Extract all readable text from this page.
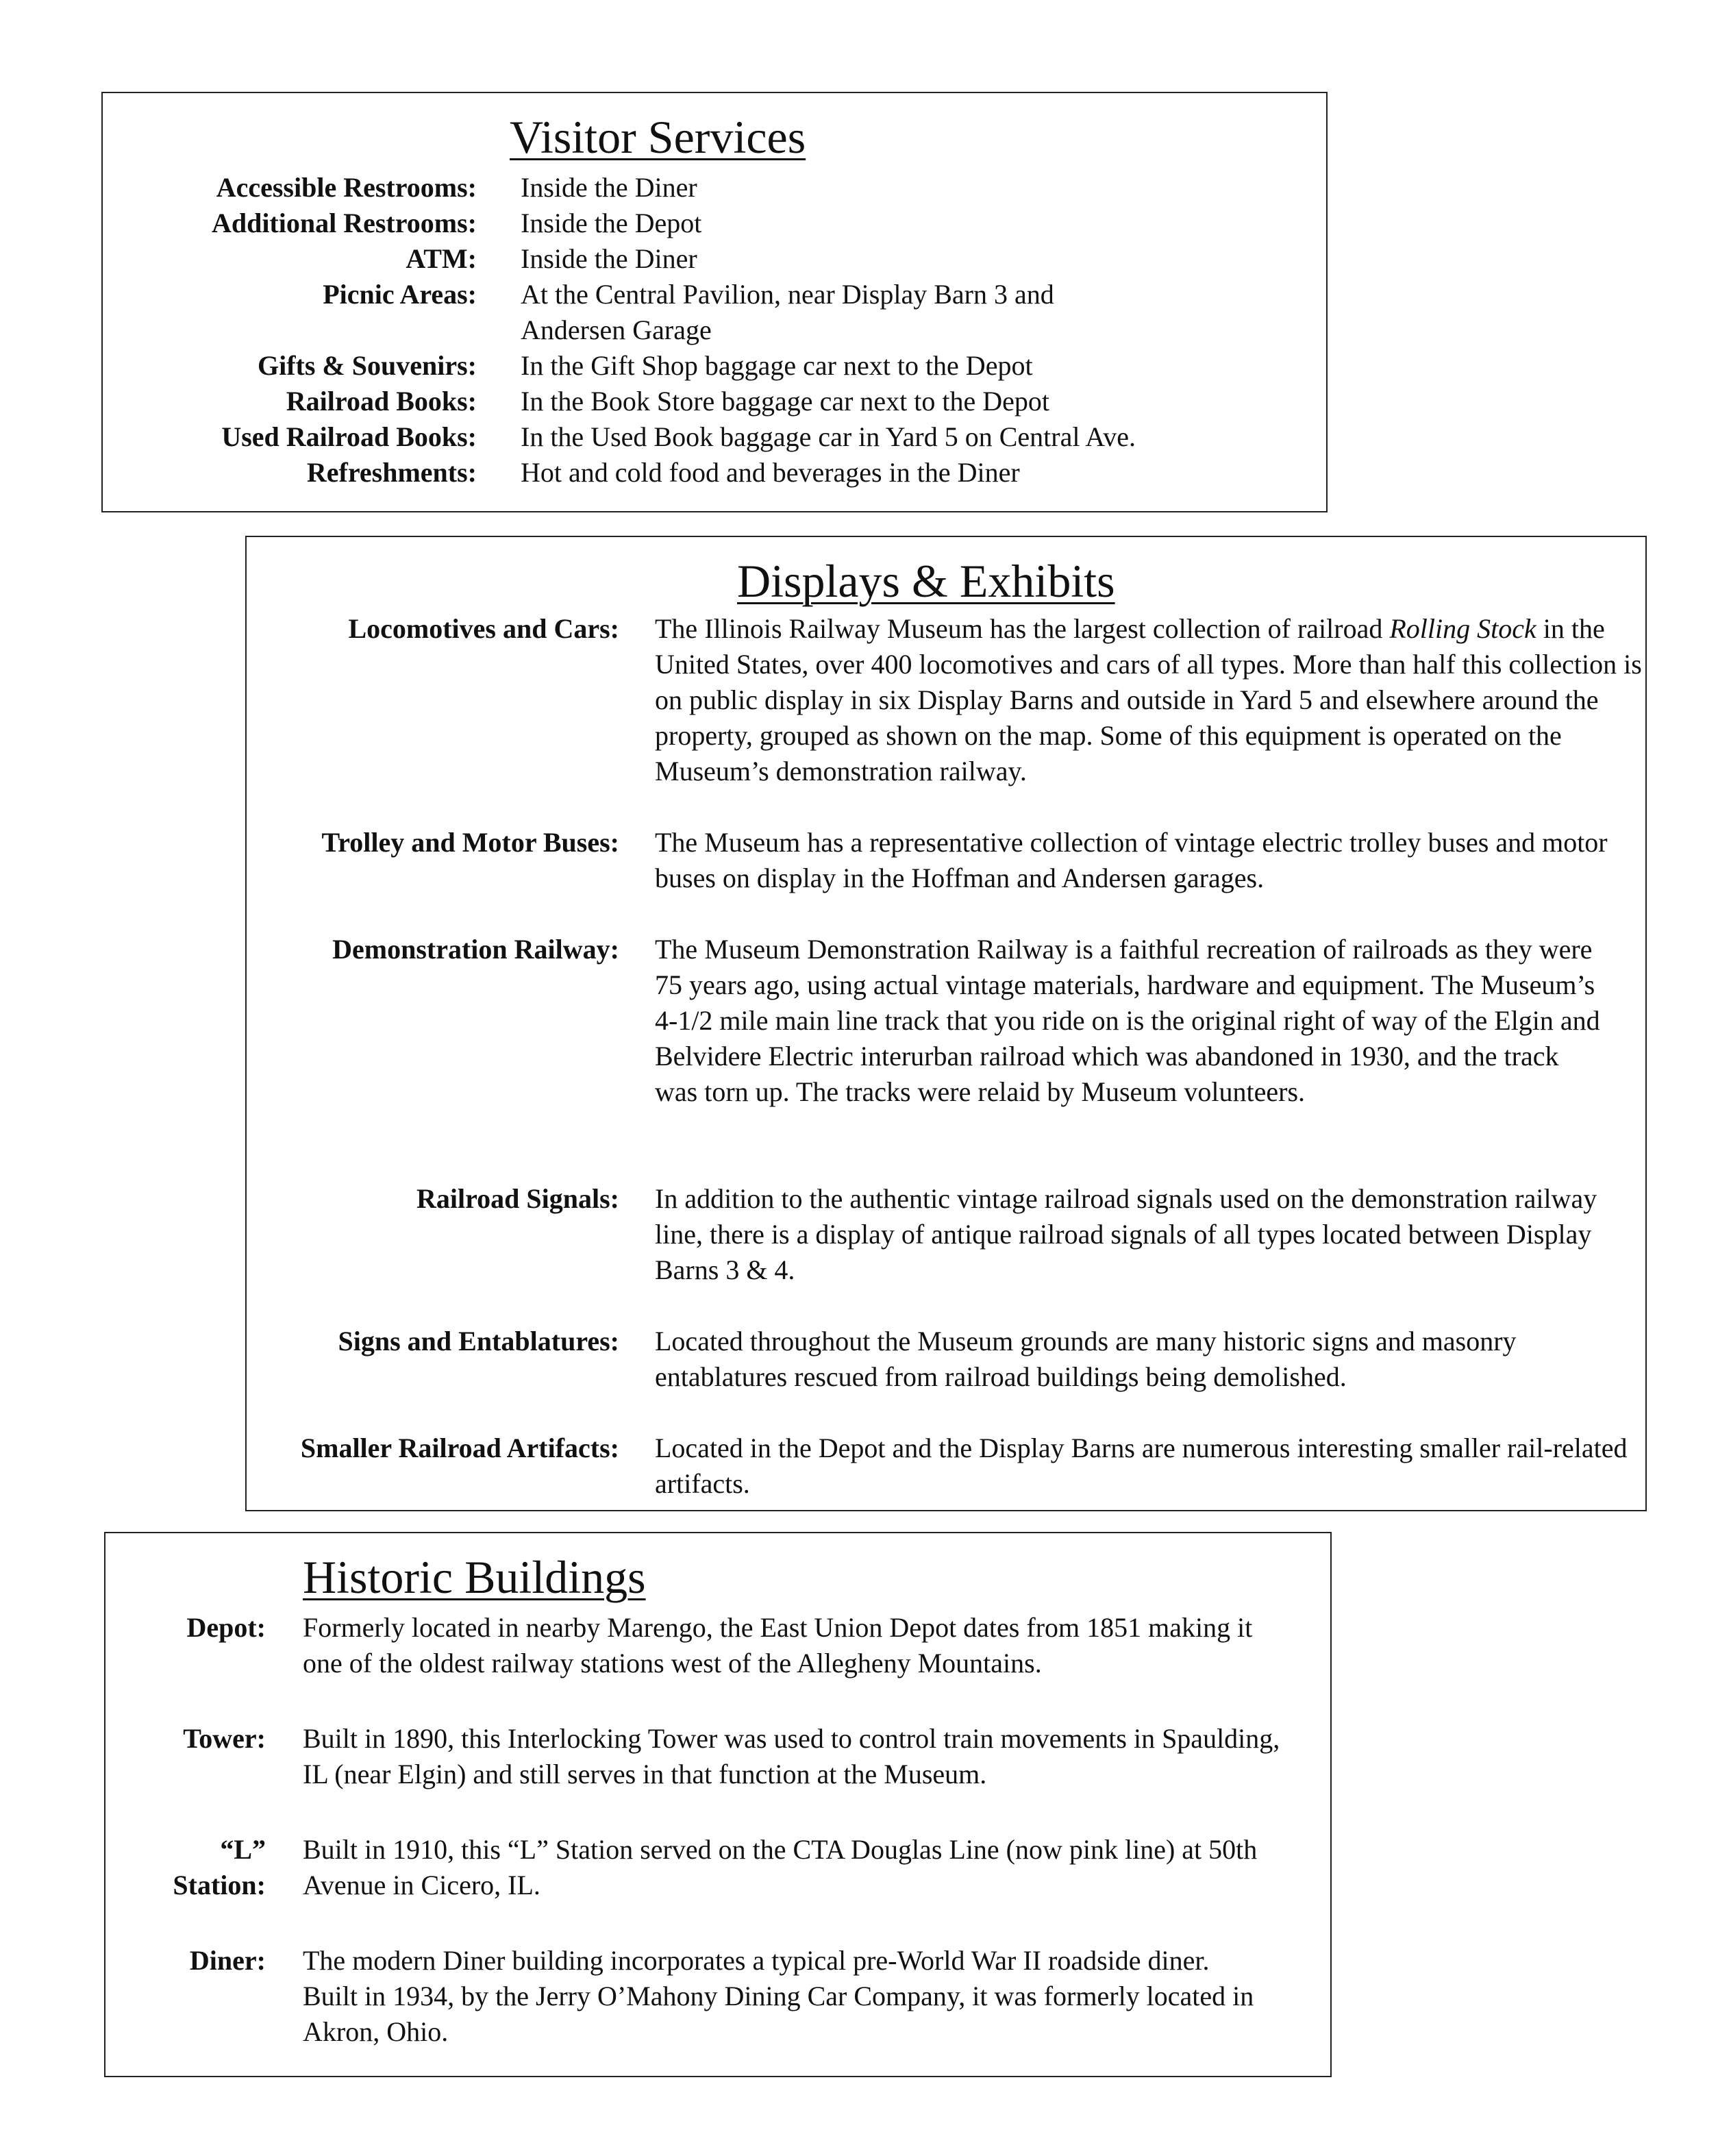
Visitor Services
Accessible Restrooms: Inside the Diner
Additional Restrooms: Inside the Depot
ATM: Inside the Diner
Picnic Areas: At the Central Pavilion, near Display Barn 3 and Andersen Garage
Gifts & Souvenirs: In the Gift Shop baggage car next to the Depot
Railroad Books: In the Book Store baggage car next to the Depot
Used Railroad Books: In the Used Book baggage car in Yard 5 on Central Ave.
Refreshments: Hot and cold food and beverages in the Diner
Displays & Exhibits
Locomotives and Cars: The Illinois Railway Museum has the largest collection of railroad Rolling Stock in the United States, over 400 locomotives and cars of all types. More than half this collection is on public display in six Display Barns and outside in Yard 5 and elsewhere around the property, grouped as shown on the map. Some of this equipment is operated on the Museum’s demonstration railway.
Trolley and Motor Buses: The Museum has a representative collection of vintage electric trolley buses and motor buses on display in the Hoffman and Andersen garages.
Demonstration Railway: The Museum Demonstration Railway is a faithful recreation of railroads as they were 75 years ago, using actual vintage materials, hardware and equipment. The Museum’s 4-1/2 mile main line track that you ride on is the original right of way of the Elgin and Belvidere Electric interurban railroad which was abandoned in 1930, and the track was torn up. The tracks were relaid by Museum volunteers.
Railroad Signals: In addition to the authentic vintage railroad signals used on the demonstration railway line, there is a display of antique railroad signals of all types located between Display Barns 3 & 4.
Signs and Entablatures: Located throughout the Museum grounds are many historic signs and masonry entablatures rescued from railroad buildings being demolished.
Smaller Railroad Artifacts: Located in the Depot and the Display Barns are numerous interesting smaller rail-related artifacts.
Historic Buildings
Depot: Formerly located in nearby Marengo, the East Union Depot dates from 1851 making it one of the oldest railway stations west of the Allegheny Mountains.
Tower: Built in 1890, this Interlocking Tower was used to control train movements in Spaulding, IL (near Elgin) and still serves in that function at the Museum.
“L”
Station:
Built in 1910, this “L” Station served on the CTA Douglas Line (now pink line) at 50th Avenue in Cicero, IL.
Diner: The modern Diner building incorporates a typical pre-World War II roadside diner. Built in 1934, by the Jerry O’Mahony Dining Car Company, it was formerly located in Akron, Ohio.
